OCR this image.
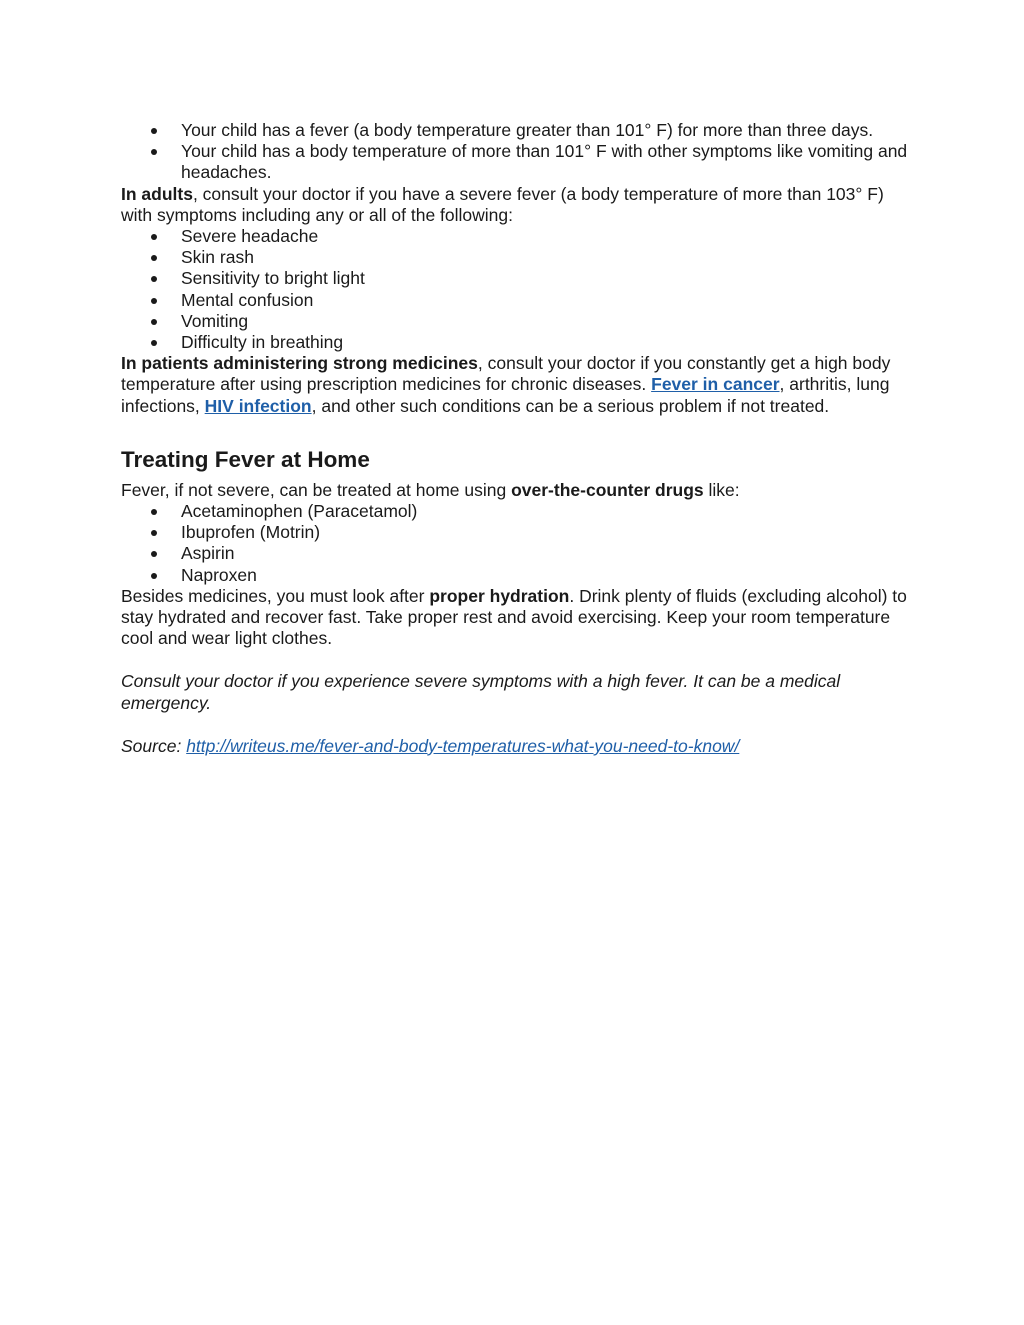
Your child has a fever (a body temperature greater than 101° F) for more than three days.
Your child has a body temperature of more than 101° F with other symptoms like vomiting and headaches.

In adults, consult your doctor if you have a severe fever (a body temperature of more than 103° F) with symptoms including any or all of the following:

Severe headache
Skin rash
Sensitivity to bright light
Mental confusion
Vomiting
Difficulty in breathing

In patients administering strong medicines, consult your doctor if you constantly get a high body temperature after using prescription medicines for chronic diseases. Fever in cancer, arthritis, lung infections, HIV infection, and other such conditions can be a serious problem if not treated.

Treating Fever at Home

Fever, if not severe, can be treated at home using over-the-counter drugs like:

Acetaminophen (Paracetamol)
Ibuprofen (Motrin)
Aspirin
Naproxen

Besides medicines, you must look after proper hydration. Drink plenty of fluids (excluding alcohol) to stay hydrated and recover fast. Take proper rest and avoid exercising. Keep your room temperature cool and wear light clothes.

Consult your doctor if you experience severe symptoms with a high fever. It can be a medical emergency.

Source: http://writeus.me/fever-and-body-temperatures-what-you-need-to-know/
